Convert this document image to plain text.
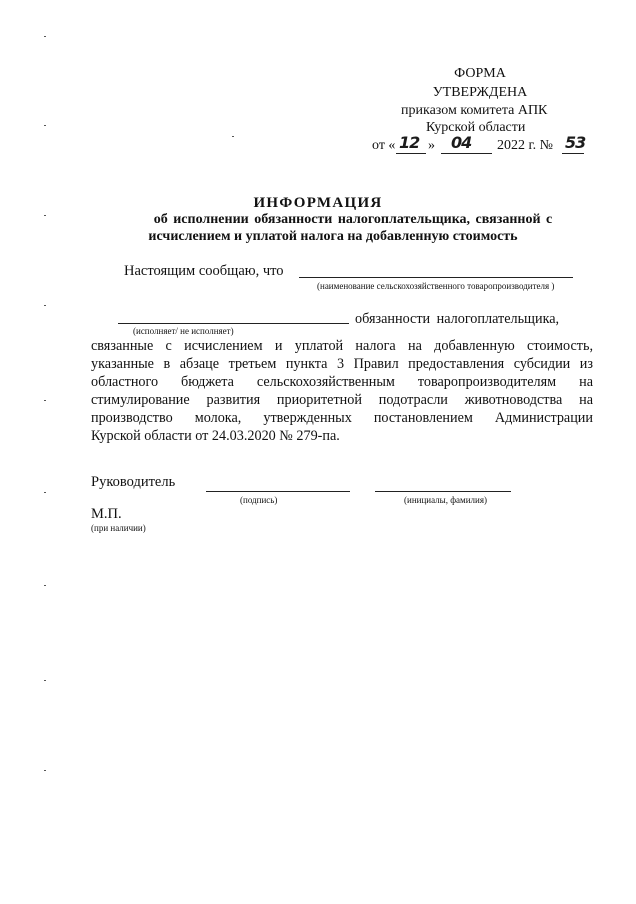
ФОРМА
УТВЕРЖДЕНА
приказом комитета АПК
Курской области
от « 12 » 04 2022 г. № 53
ИНФОРМАЦИЯ
об исполнении обязанности налогоплательщика, связанной с
исчислением и уплатой налога на добавленную стоимость
Настоящим сообщаю, что
(наименование сельскохозяйственного товаропроизводителя )
обязанности налогоплательщика,
(исполняет/ не исполняет)
связанные с исчислением и уплатой налога на добавленную стоимость,
указанные в абзаце третьем пункта 3 Правил предоставления субсидии из
областного бюджета сельскохозяйственным товаропроизводителям на
стимулирование развития приоритетной подотрасли животноводства на
производство молока, утвержденных постановлением Администрации
Курской области от 24.03.2020 № 279-па.
Руководитель
(подпись)	(инициалы, фамилия)
М.П.
(при наличии)
